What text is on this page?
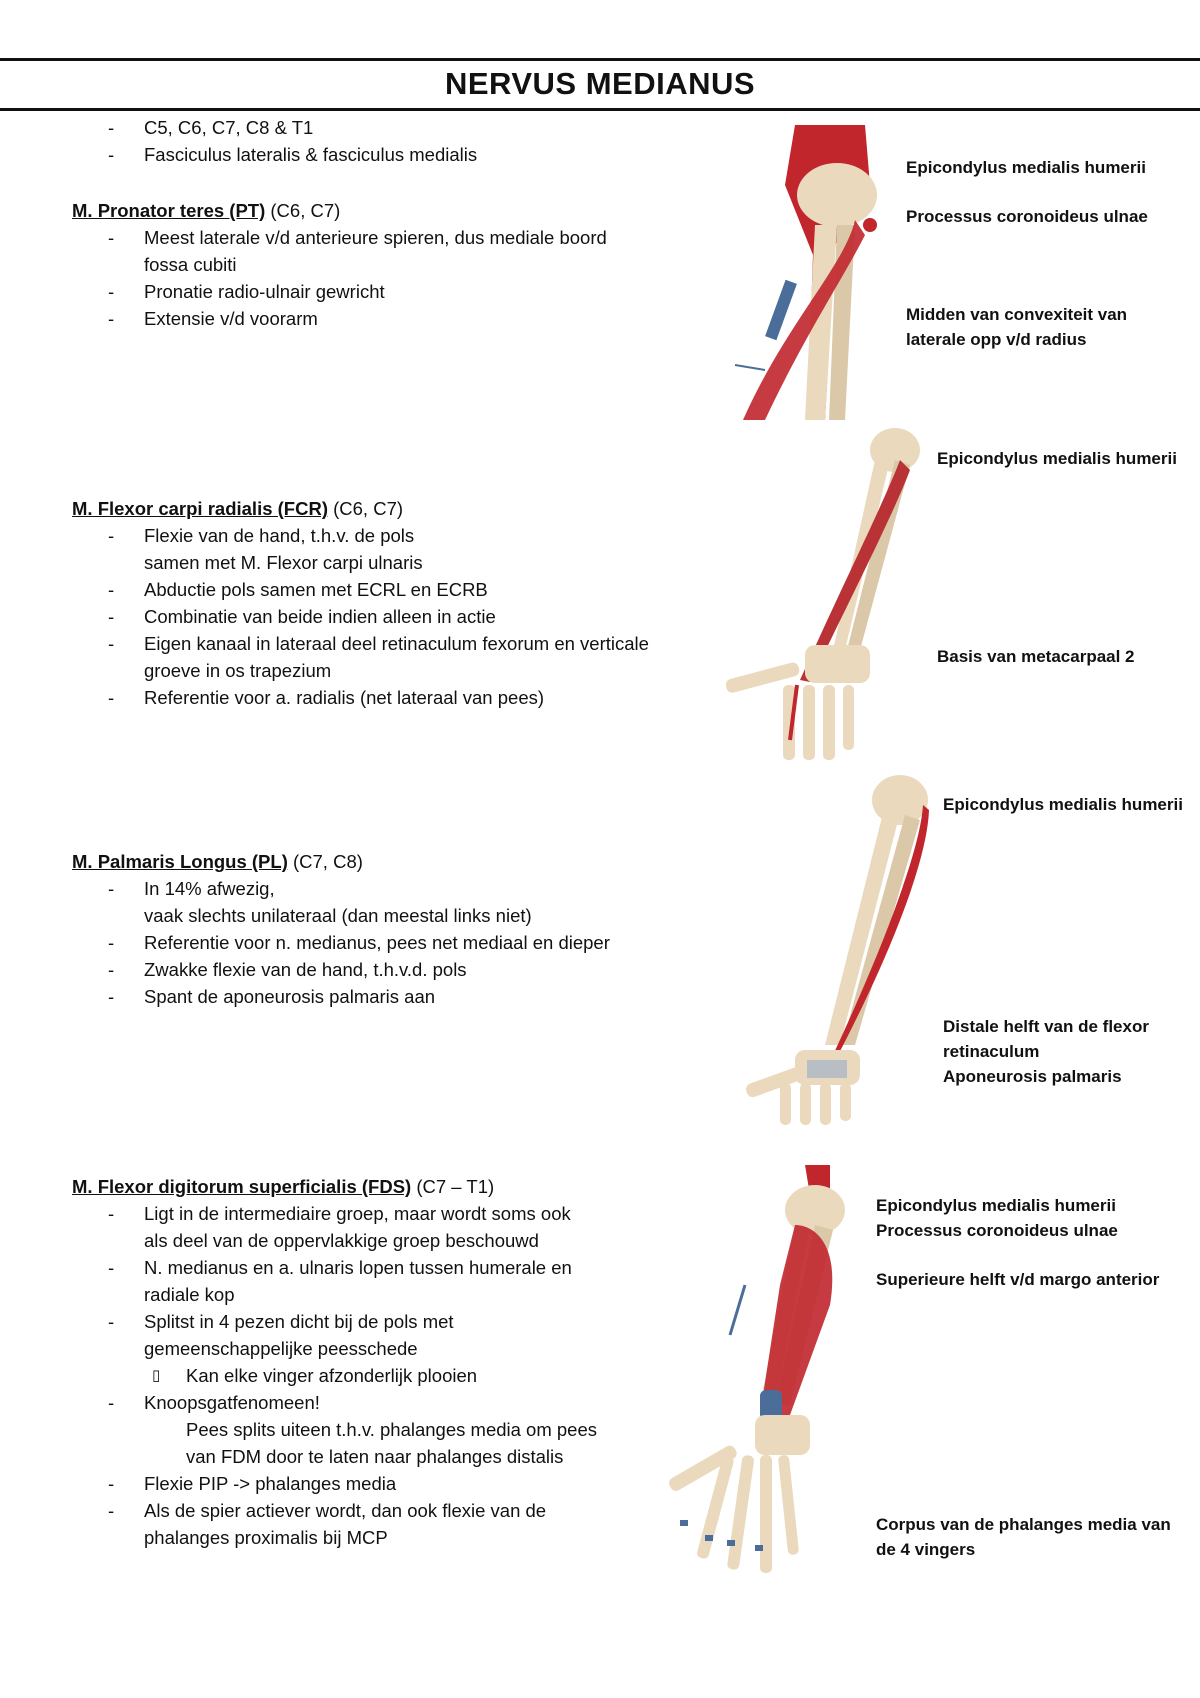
NERVUS MEDIANUS
- C5, C6, C7, C8 & T1
- Fasciculus lateralis & fasciculus medialis
M. Pronator teres (PT) (C6, C7)
- Meest laterale v/d anterieure spieren, dus mediale boord
fossa cubiti
- Pronatie radio-ulnair gewricht
- Extensie v/d voorarm
M. Flexor carpi radialis (FCR) (C6, C7)
- Flexie van de hand, t.h.v. de pols
samen met M. Flexor carpi ulnaris
- Abductie pols samen met ECRL en ECRB
- Combinatie van beide indien alleen in actie
- Eigen kanaal in lateraal deel retinaculum fexorum en verticale
groeve in os trapezium
- Referentie voor a. radialis (net lateraal van pees)
M. Palmaris Longus (PL) (C7, C8)
- In 14% afwezig,
vaak slechts unilateraal (dan meestal links niet)
- Referentie voor n. medianus, pees net mediaal en dieper
- Zwakke flexie van de hand, t.h.v.d. pols
- Spant de aponeurosis palmaris aan
M. Flexor digitorum superficialis (FDS) (C7 – T1)
- Ligt in de intermediaire groep, maar wordt soms ook
als deel van de oppervlakkige groep beschouwd
- N. medianus en a. ulnaris lopen tussen humerale en
radiale kop
- Splitst in 4 pezen dicht bij de pols met
gemeenschappelijke peesschede
▯ Kan elke vinger afzonderlijk plooien
- Knoopsgatfenomeen!
Pees splits uiteen t.h.v. phalanges media om pees
van FDM door te laten naar phalanges distalis
- Flexie PIP -> phalanges media
- Als de spier actiever wordt, dan ook flexie van de
phalanges proximalis bij MCP
Epicondylus medialis humerii
Processus coronoideus ulnae
Midden van convexiteit van
laterale opp v/d radius
Epicondylus medialis humerii
Basis van metacarpaal 2
Epicondylus medialis humerii
Distale helft van de flexor
retinaculum
Aponeurosis palmaris
Epicondylus medialis humerii
Processus coronoideus ulnae
Superieure helft v/d margo anterior
Corpus van de phalanges media van
de 4 vingers
